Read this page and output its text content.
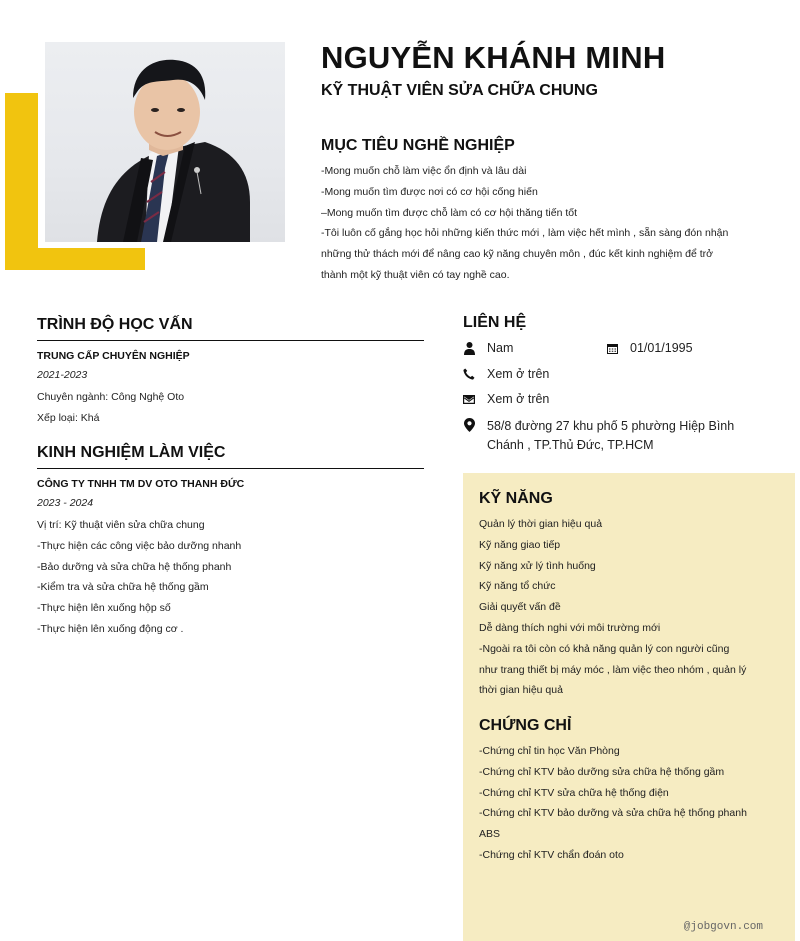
NGUYỄN KHÁNH MINH
KỸ THUẬT VIÊN SỬA CHỮA CHUNG
MỤC TIÊU NGHỀ NGHIỆP
-Mong muốn chỗ làm việc ổn định và lâu dài
-Mong muốn tìm được nơi có cơ hội cống hiến
–Mong muốn tìm được chỗ làm có cơ hội thăng tiến tốt
-Tôi luôn cố gắng học hỏi những kiến thức mới , làm việc hết mình , sẵn sàng đón nhận
những thử thách mới để nâng cao kỹ năng chuyên môn , đúc kết kinh nghiệm để trở
thành một kỹ thuật viên có tay nghề cao.
TRÌNH ĐỘ HỌC VẤN
TRUNG CẤP CHUYÊN NGHIỆP
2021-2023
Chuyên ngành: Công Nghệ Oto
Xếp loại: Khá
KINH NGHIỆM LÀM VIỆC
CÔNG TY TNHH TM DV OTO THANH ĐỨC
2023 - 2024
Vị trí: Kỹ thuật viên sửa chữa chung
-Thực hiện các công việc bảo dưỡng nhanh
-Bảo dưỡng và sửa chữa hệ thống phanh
-Kiểm tra và sửa chữa hệ thống gầm
-Thực hiện lên xuống hộp số
-Thực hiện lên xuống động cơ .
LIÊN HỆ
Nam	01/01/1995
Xem ở trên
Xem ở trên
58/8 đường 27 khu phố 5 phường Hiệp Bình Chánh , TP.Thủ Đức, TP.HCM
KỸ NĂNG
Quản lý thời gian hiệu quả
Kỹ năng giao tiếp
Kỹ năng xử lý tình huống
Kỹ năng tổ chức
Giải quyết vấn đề
Dễ dàng thích nghi với môi trường mới
-Ngoài ra tôi còn có khả năng quản lý con người cũng
như trang thiết bị máy móc , làm việc theo nhóm , quản lý
thời gian hiệu quả
CHỨNG CHỈ
-Chứng chỉ tin học Văn Phòng
-Chứng chỉ KTV bảo dưỡng sửa chữa hệ thống gầm
-Chứng chỉ KTV sửa chữa hệ thống điện
-Chứng chỉ KTV bảo dưỡng và sửa chữa hệ thống phanh
ABS
-Chứng chỉ KTV chẩn đoán oto
@jobgovn.com
